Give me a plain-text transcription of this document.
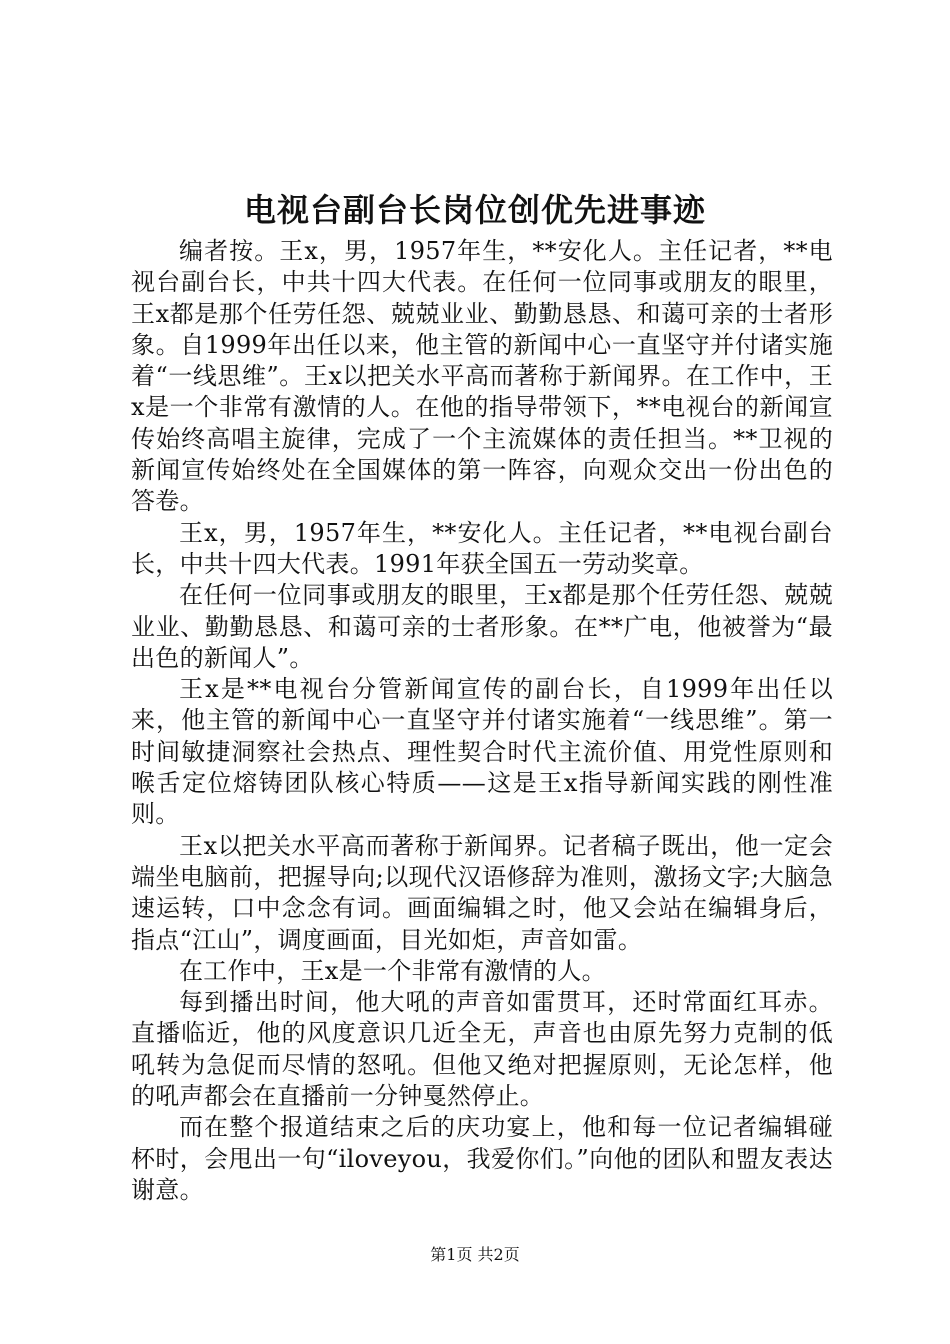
电视台副台长岗位创优先进事迹

编者按。王x，男，1957年生，**安化人。主任记者，**电视台副台长，中共十四大代表。在任何一位同事或朋友的眼里，王x都是那个任劳任怨、兢兢业业、勤勤恳恳、和蔼可亲的士者形象。自1999年出任以来，他主管的新闻中心一直坚守并付诸实施着“一线思维”。王x以把关水平高而著称于新闻界。在工作中，王x是一个非常有激情的人。在他的指导带领下，**电视台的新闻宣传始终高唱主旋律，完成了一个主流媒体的责任担当。**卫视的新闻宣传始终处在全国媒体的第一阵容，向观众交出一份出色的答卷。

王x，男，1957年生，**安化人。主任记者，**电视台副台长，中共十四大代表。1991年获全国五一劳动奖章。

在任何一位同事或朋友的眼里，王x都是那个任劳任怨、兢兢业业、勤勤恳恳、和蔼可亲的士者形象。在**广电，他被誉为“最出色的新闻人”。

王x是**电视台分管新闻宣传的副台长，自1999年出任以来，他主管的新闻中心一直坚守并付诸实施着“一线思维”。第一时间敏捷洞察社会热点、理性契合时代主流价值、用党性原则和喉舌定位熔铸团队核心特质——这是王x指导新闻实践的刚性准则。

王x以把关水平高而著称于新闻界。记者稿子既出，他一定会端坐电脑前，把握导向;以现代汉语修辞为准则，激扬文字;大脑急速运转，口中念念有词。画面编辑之时，他又会站在编辑身后，指点“江山”，调度画面，目光如炬，声音如雷。

在工作中，王x是一个非常有激情的人。

每到播出时间，他大吼的声音如雷贯耳，还时常面红耳赤。直播临近，他的风度意识几近全无，声音也由原先努力克制的低吼转为急促而尽情的怒吼。但他又绝对把握原则，无论怎样，他的吼声都会在直播前一分钟戛然停止。

而在整个报道结束之后的庆功宴上，他和每一位记者编辑碰杯时，会甩出一句“iloveyou，我爱你们。”向他的团队和盟友表达谢意。

第1页 共2页
